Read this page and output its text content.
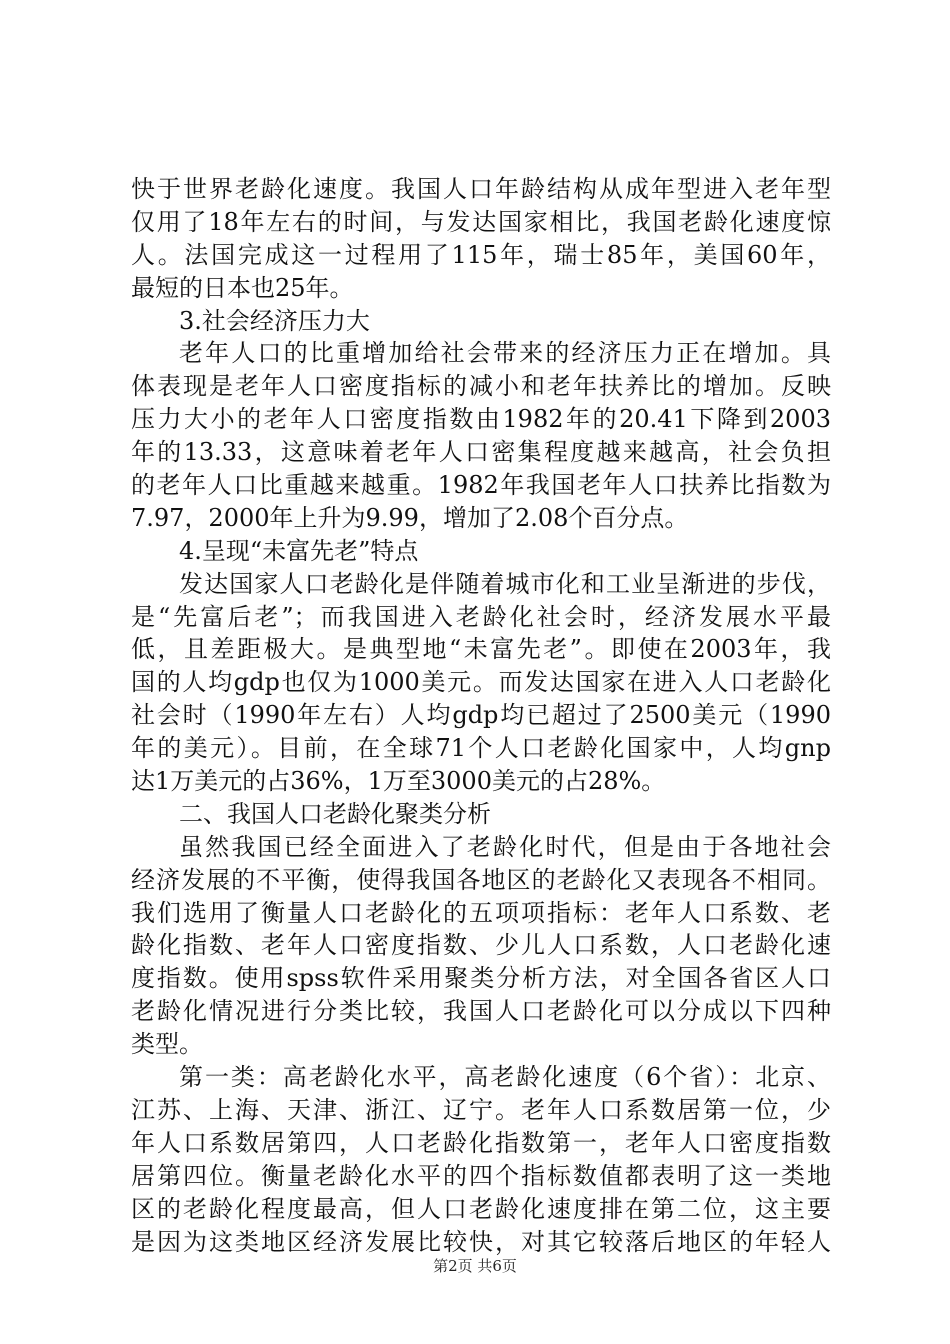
快于世界老龄化速度。我国人口年龄结构从成年型进入老年型
仅用了18年左右的时间，与发达国家相比，我国老龄化速度惊
人。法国完成这一过程用了115年，瑞士85年，美国60年，
最短的日本也25年。
3.社会经济压力大
老年人口的比重增加给社会带来的经济压力正在增加。具
体表现是老年人口密度指标的减小和老年扶养比的增加。反映
压力大小的老年人口密度指数由1982年的20.41下降到2003
年的13.33，这意味着老年人口密集程度越来越高，社会负担
的老年人口比重越来越重。1982年我国老年人口扶养比指数为
7.97，2000年上升为9.99，增加了2.08个百分点。
4.呈现“未富先老”特点
发达国家人口老龄化是伴随着城市化和工业呈渐进的步伐，
是“先富后老”；而我国进入老龄化社会时，经济发展水平最
低，且差距极大。是典型地“未富先老”。即使在2003年，我
国的人均gdp也仅为1000美元。而发达国家在进入人口老龄化
社会时（1990年左右）人均gdp均已超过了2500美元（1990
年的美元）。目前，在全球71个人口老龄化国家中，人均gnp
达1万美元的占36%，1万至3000美元的占28%。
二、我国人口老龄化聚类分析
虽然我国已经全面进入了老龄化时代，但是由于各地社会
经济发展的不平衡，使得我国各地区的老龄化又表现各不相同。
我们选用了衡量人口老龄化的五项项指标：老年人口系数、老
龄化指数、老年人口密度指数、少儿人口系数，人口老龄化速
度指数。使用spss软件采用聚类分析方法，对全国各省区人口
老龄化情况进行分类比较，我国人口老龄化可以分成以下四种
类型。
第一类：高老龄化水平，高老龄化速度（6个省）：北京、
江苏、上海、天津、浙江、辽宁。老年人口系数居第一位，少
年人口系数居第四，人口老龄化指数第一，老年人口密度指数
居第四位。衡量老龄化水平的四个指标数值都表明了这一类地
区的老龄化程度最高，但人口老龄化速度排在第二位，这主要
是因为这类地区经济发展比较快，对其它较落后地区的年轻人
第2页 共6页
